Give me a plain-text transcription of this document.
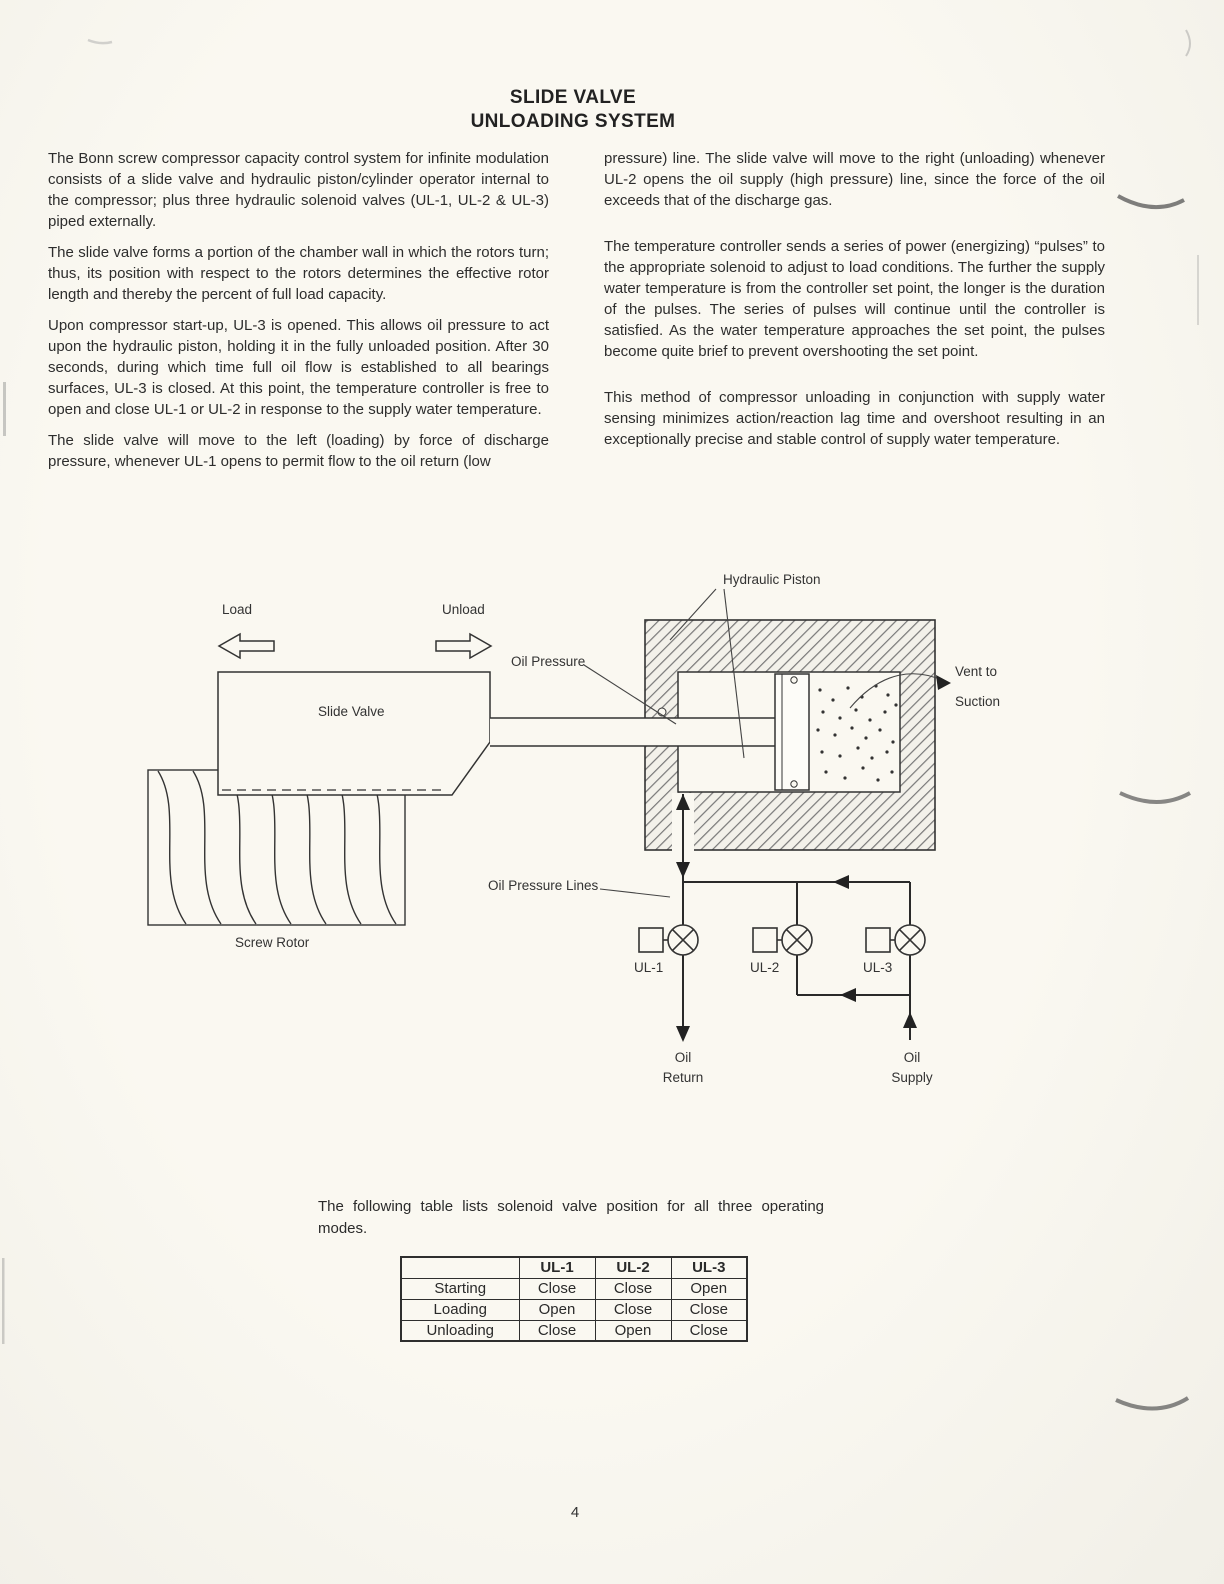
SLIDE VALVE
UNLOADING SYSTEM

The Bonn screw compressor capacity control system for infinite modulation consists of a slide valve and hydraulic piston/cylinder operator internal to the compressor; plus three hydraulic solenoid valves (UL-1, UL-2 & UL-3) piped externally.

The slide valve forms a portion of the chamber wall in which the rotors turn; thus, its position with respect to the rotors determines the effective rotor length and thereby the percent of full load capacity.

Upon compressor start-up, UL-3 is opened. This allows oil pressure to act upon the hydraulic piston, holding it in the fully unloaded position. After 30 seconds, during which time full oil flow is established to all bearings surfaces, UL-3 is closed. At this point, the temperature controller is free to open and close UL-1 or UL-2 in response to the supply water temperature.

The slide valve will move to the left (loading) by force of discharge pressure, whenever UL-1 opens to permit flow to the oil return (low

pressure) line. The slide valve will move to the right (unloading) whenever UL-2 opens the oil supply (high pressure) line, since the force of the oil exceeds that of the discharge gas.

The temperature controller sends a series of power (energizing) “pulses” to the appropriate solenoid to adjust to load conditions. The further the supply water temperature is from the controller set point, the longer is the duration of the pulses. The series of pulses will continue until the controller is satisfied. As the water temperature approaches the set point, the pulses become quite brief to prevent overshooting the set point.

This method of compressor unloading in conjunction with supply water sensing minimizes action/reaction lag time and overshoot resulting in an exceptionally precise and stable control of supply water temperature.

Load	Unload
Hydraulic Piston
Oil Pressure
Vent to
Suction
Slide Valve
Screw Rotor
Oil Pressure Lines
UL-1	UL-2	UL-3
Oil
Return
Oil
Supply

The following table lists solenoid valve position for all three operating modes.

	UL-1	UL-2	UL-3
Starting	Close	Close	Open
Loading	Open	Close	Close
Unloading	Close	Open	Close
4
